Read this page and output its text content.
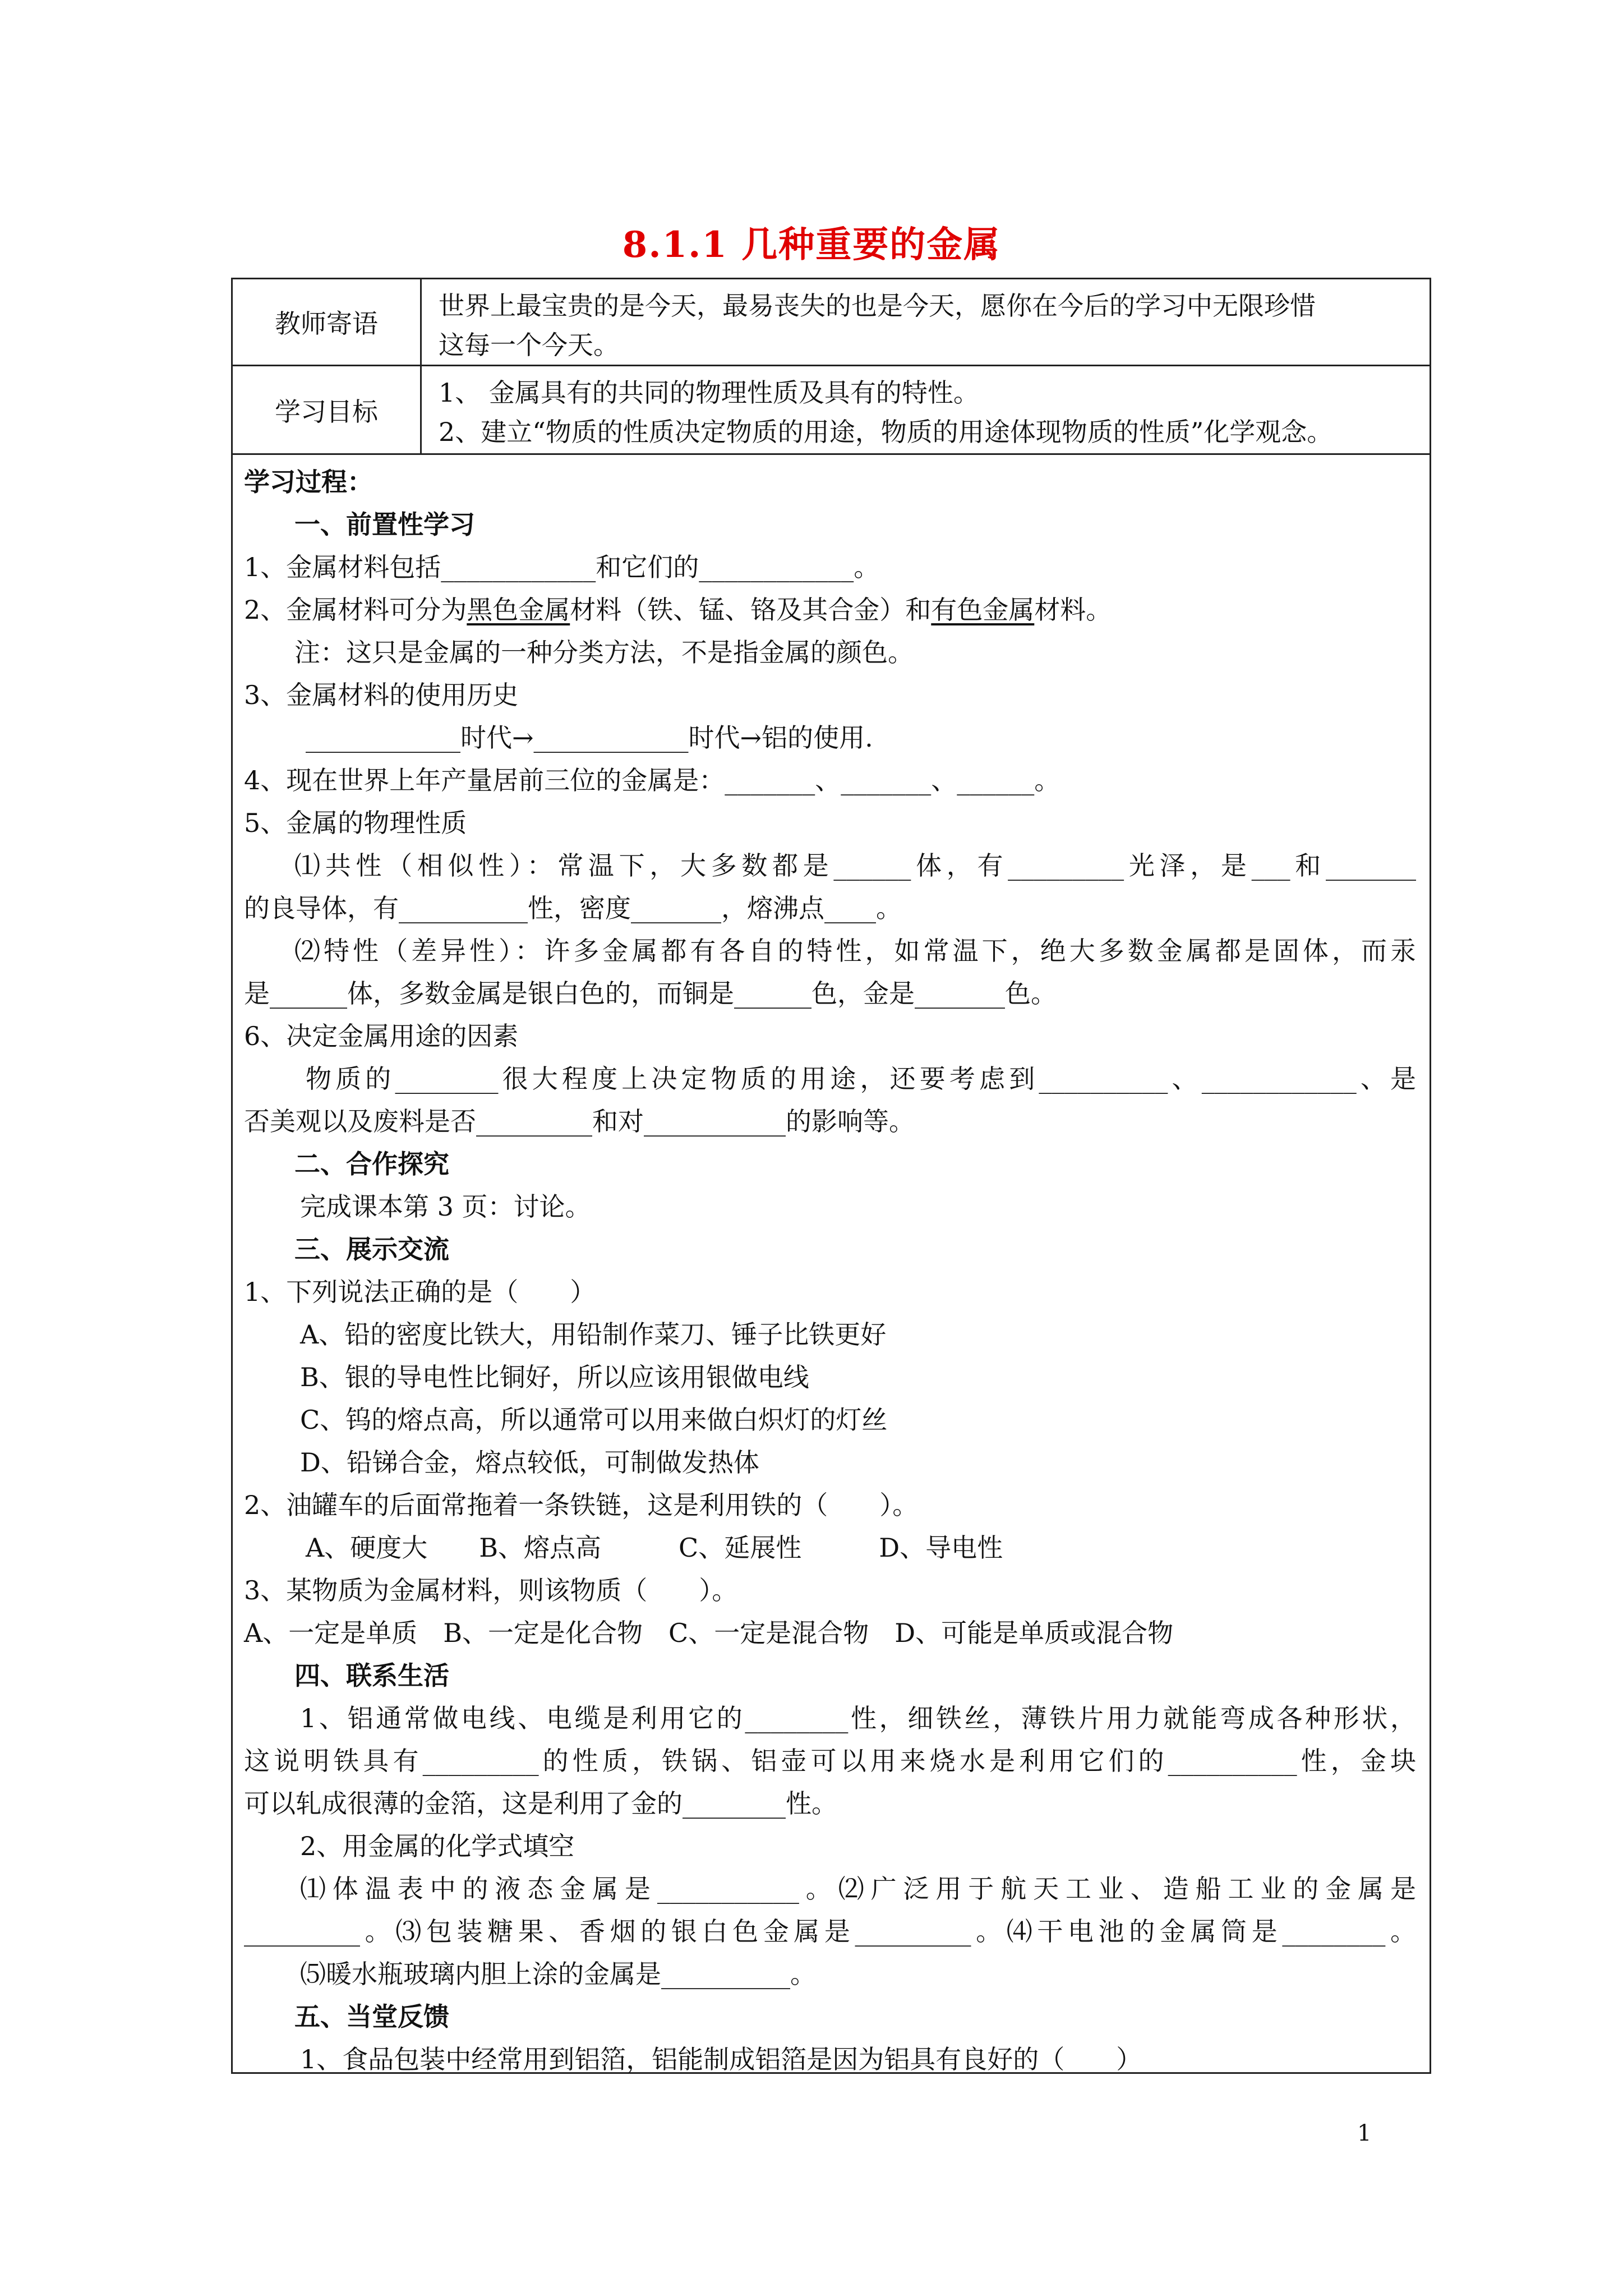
8.1.1 几种重要的金属
教师寄语
世界上最宝贵的是今天，最易丧失的也是今天，愿你在今后的学习中无限珍惜
这每一个今天。
学习目标
1、 金属具有的共同的物理性质及具有的特性。
2、建立“物质的性质决定物质的用途，物质的用途体现物质的性质”化学观念。
学习过程：
一、前置性学习
1、金属材料包括____________和它们的____________。
2、金属材料可分为黑色金属材料（铁、锰、铬及其合金）和有色金属材料。
注：这只是金属的一种分类方法，不是指金属的颜色。
3、金属材料的使用历史
____________时代→____________时代→铝的使用.
4、现在世界上年产量居前三位的金属是：_______、_______、______。
5、金属的物理性质
⑴共性（相似性）：常温下，大多数都是______体，有_________光泽，是___和_______
的良导体，有__________性，密度_______，熔沸点____。
⑵特性（差异性）：许多金属都有各自的特性，如常温下，绝大多数金属都是固体，而汞
是______体，多数金属是银白色的，而铜是______色，金是_______色。
6、决定金属用途的因素
物质的________很大程度上决定物质的用途，还要考虑到__________、____________、是
否美观以及废料是否_________和对___________的影响等。
二、合作探究
完成课本第 3 页：讨论。
三、展示交流
1、下列说法正确的是（　　）
A、铅的密度比铁大，用铅制作菜刀、锤子比铁更好
B、银的导电性比铜好，所以应该用银做电线
C、钨的熔点高，所以通常可以用来做白炽灯的灯丝
D、铅锑合金，熔点较低，可制做发热体
2、油罐车的后面常拖着一条铁链，这是利用铁的（　　）。
A、硬度大　　B、熔点高　　　C、延展性　　　D、导电性
3、某物质为金属材料，则该物质（　　）。
A、一定是单质　B、一定是化合物　C、一定是混合物　D、可能是单质或混合物
四、联系生活
1、铝通常做电线、电缆是利用它的________性，细铁丝，薄铁片用力就能弯成各种形状，
这说明铁具有_________的性质，铁锅、铝壶可以用来烧水是利用它们的__________性，金块
可以轧成很薄的金箔，这是利用了金的________性。
2、用金属的化学式填空
⑴体温表中的液态金属是___________。⑵广泛用于航天工业、造船工业的金属是
_________。⑶包装糖果、香烟的银白色金属是_________。⑷干电池的金属筒是________。
⑸暖水瓶玻璃内胆上涂的金属是__________。
五、当堂反馈
1、食品包装中经常用到铝箔，铝能制成铝箔是因为铝具有良好的（　　）
1
